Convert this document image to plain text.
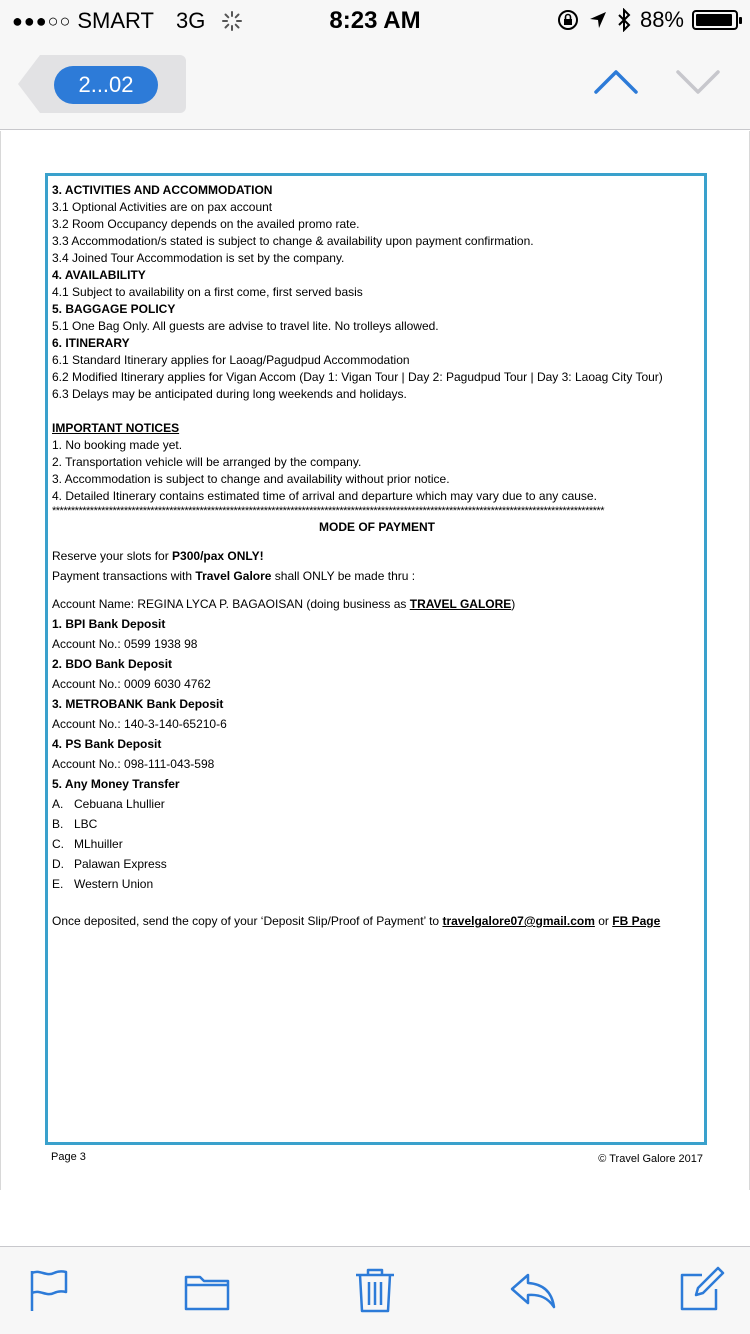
●●●○○ SMART 3G	8:23 AM	88%
2...02
3. ACTIVITIES AND ACCOMMODATION
3.1 Optional Activities are on pax account
3.2 Room Occupancy depends on the availed promo rate.
3.3 Accommodation/s stated is subject to change & availability upon payment confirmation.
3.4 Joined Tour Accommodation is set by the company.
4. AVAILABILITY
4.1 Subject to availability on a first come, first served basis
5. BAGGAGE POLICY
5.1 One Bag Only. All guests are advise to travel lite. No trolleys allowed.
6. ITINERARY
6.1 Standard Itinerary applies for Laoag/Pagudpud Accommodation
6.2 Modified Itinerary applies for Vigan Accom (Day 1: Vigan Tour | Day 2: Pagudpud Tour | Day 3: Laoag City Tour)
6.3 Delays may be anticipated during long weekends and holidays.
IMPORTANT NOTICES
1. No booking made yet.
2. Transportation vehicle will be arranged by the company.
3. Accommodation is subject to change and availability without prior notice.
4. Detailed Itinerary contains estimated time of arrival and departure which may vary due to any cause.
**************************************************************************************************************************************************
MODE OF PAYMENT
Reserve your slots for P300/pax ONLY!
Payment transactions with Travel Galore shall ONLY be made thru :
Account Name: REGINA LYCA P. BAGAOISAN (doing business as TRAVEL GALORE)
1. BPI Bank Deposit
Account No.: 0599 1938 98
2. BDO Bank Deposit
Account No.: 0009 6030 4762
3. METROBANK Bank Deposit
Account No.: 140-3-140-65210-6
4. PS Bank Deposit
Account No.: 098-111-043-598
5. Any Money Transfer
A. Cebuana Lhullier
B. LBC
C. MLhuiller
D. Palawan Express
E. Western Union
Once deposited, send the copy of your ‘Deposit Slip/Proof of Payment’ to travelgalore07@gmail.com or FB Page
Page 3	© Travel Galore 2017
